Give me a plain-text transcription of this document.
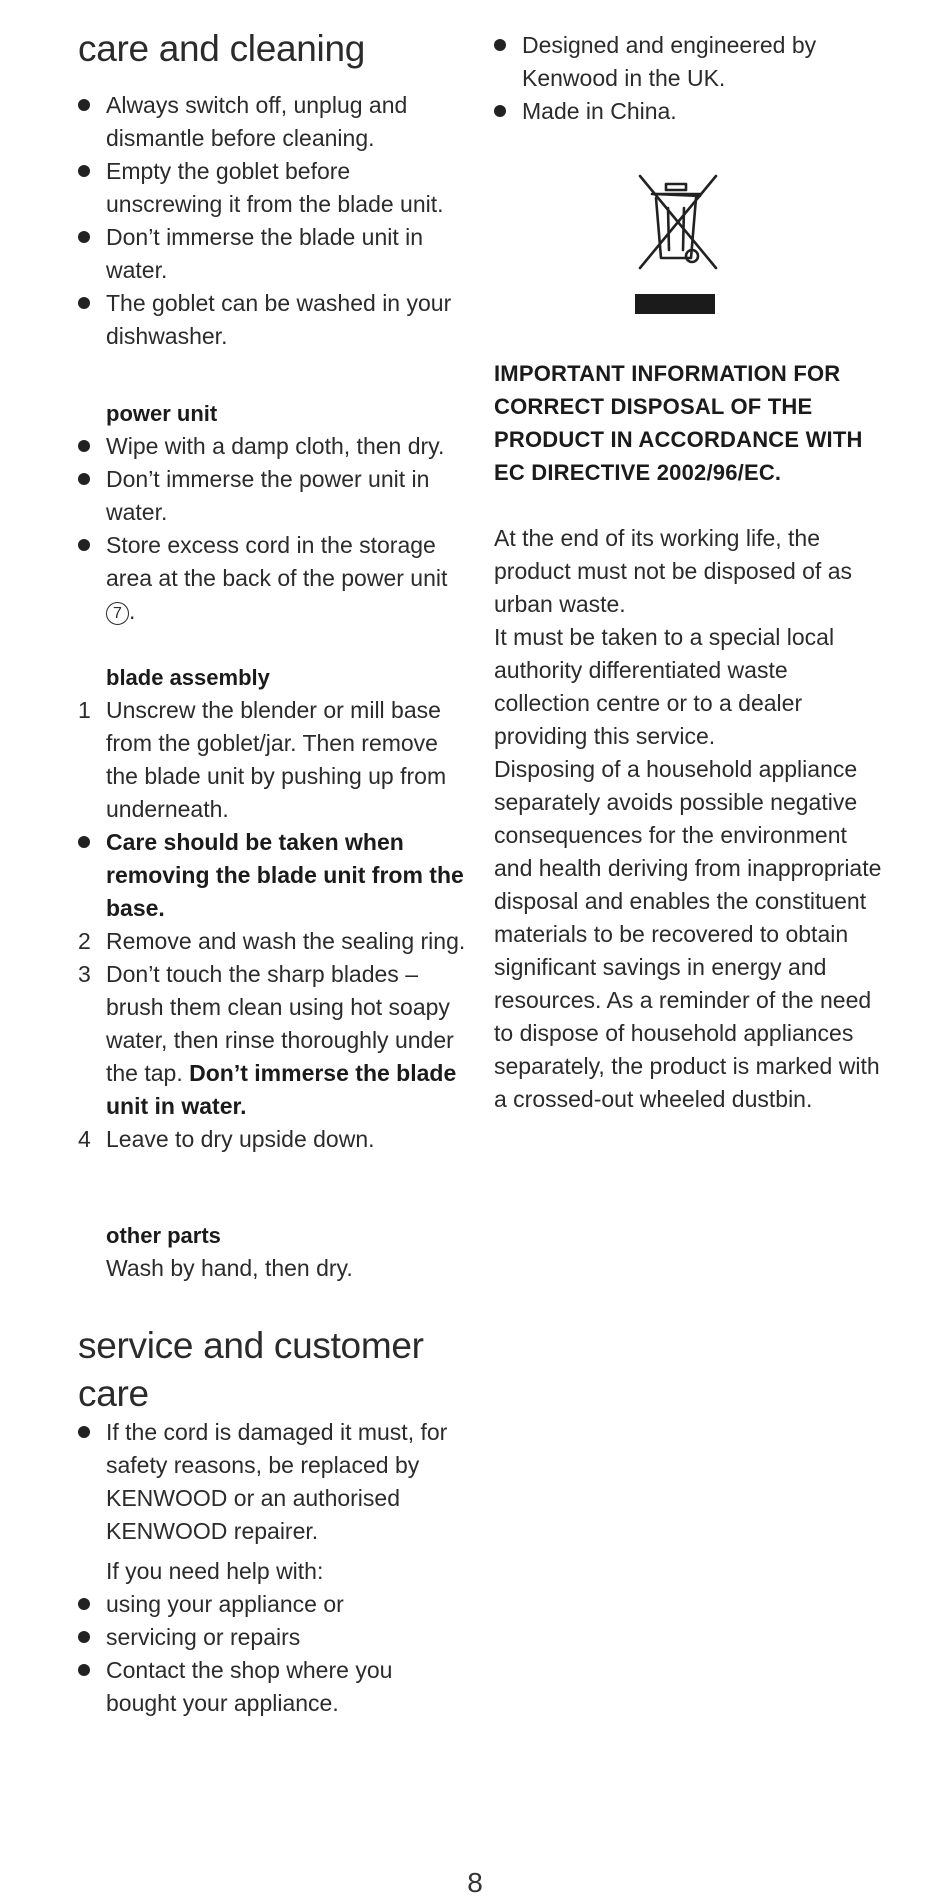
care and cleaning
Always switch off, unplug and dismantle before cleaning.
Empty the goblet before unscrewing it from the blade unit.
Don’t immerse the blade unit in water.
The goblet can be washed in your dishwasher.
power unit
Wipe with a damp cloth, then dry.
Don’t immerse the power unit in water.
Store excess cord in the storage area at the back of the power unit 7 .
blade assembly
1 Unscrew the blender or mill base from the goblet/jar. Then remove the blade unit by pushing up from underneath.
Care should be taken when removing the blade unit from the base.
2 Remove and wash the sealing ring.
3 Don’t touch the sharp blades – brush them clean using hot soapy water, then rinse thoroughly under the tap. Don’t immerse the blade unit in water.
4 Leave to dry upside down.
other parts
Wash by hand, then dry.
service and customer care
If the cord is damaged it must, for safety reasons, be replaced by KENWOOD or an authorised KENWOOD repairer.
If you need help with:
using your appliance or
servicing or repairs
Contact the shop where you bought your appliance.
Designed and engineered by Kenwood in the UK.
Made in China.
IMPORTANT INFORMATION FOR CORRECT DISPOSAL OF THE PRODUCT IN ACCORDANCE WITH EC DIRECTIVE 2002/96/EC.

At the end of its working life, the product must not be disposed of as urban waste.

It must be taken to a special local authority differentiated waste collection centre or to a dealer providing this service.

Disposing of a household appliance separately avoids possible negative consequences for the environment and health deriving from inappropriate disposal and enables the constituent materials to be recovered to obtain significant savings in energy and resources. As a reminder of the need to dispose of household appliances separately, the product is marked with a crossed-out wheeled dustbin.

8
